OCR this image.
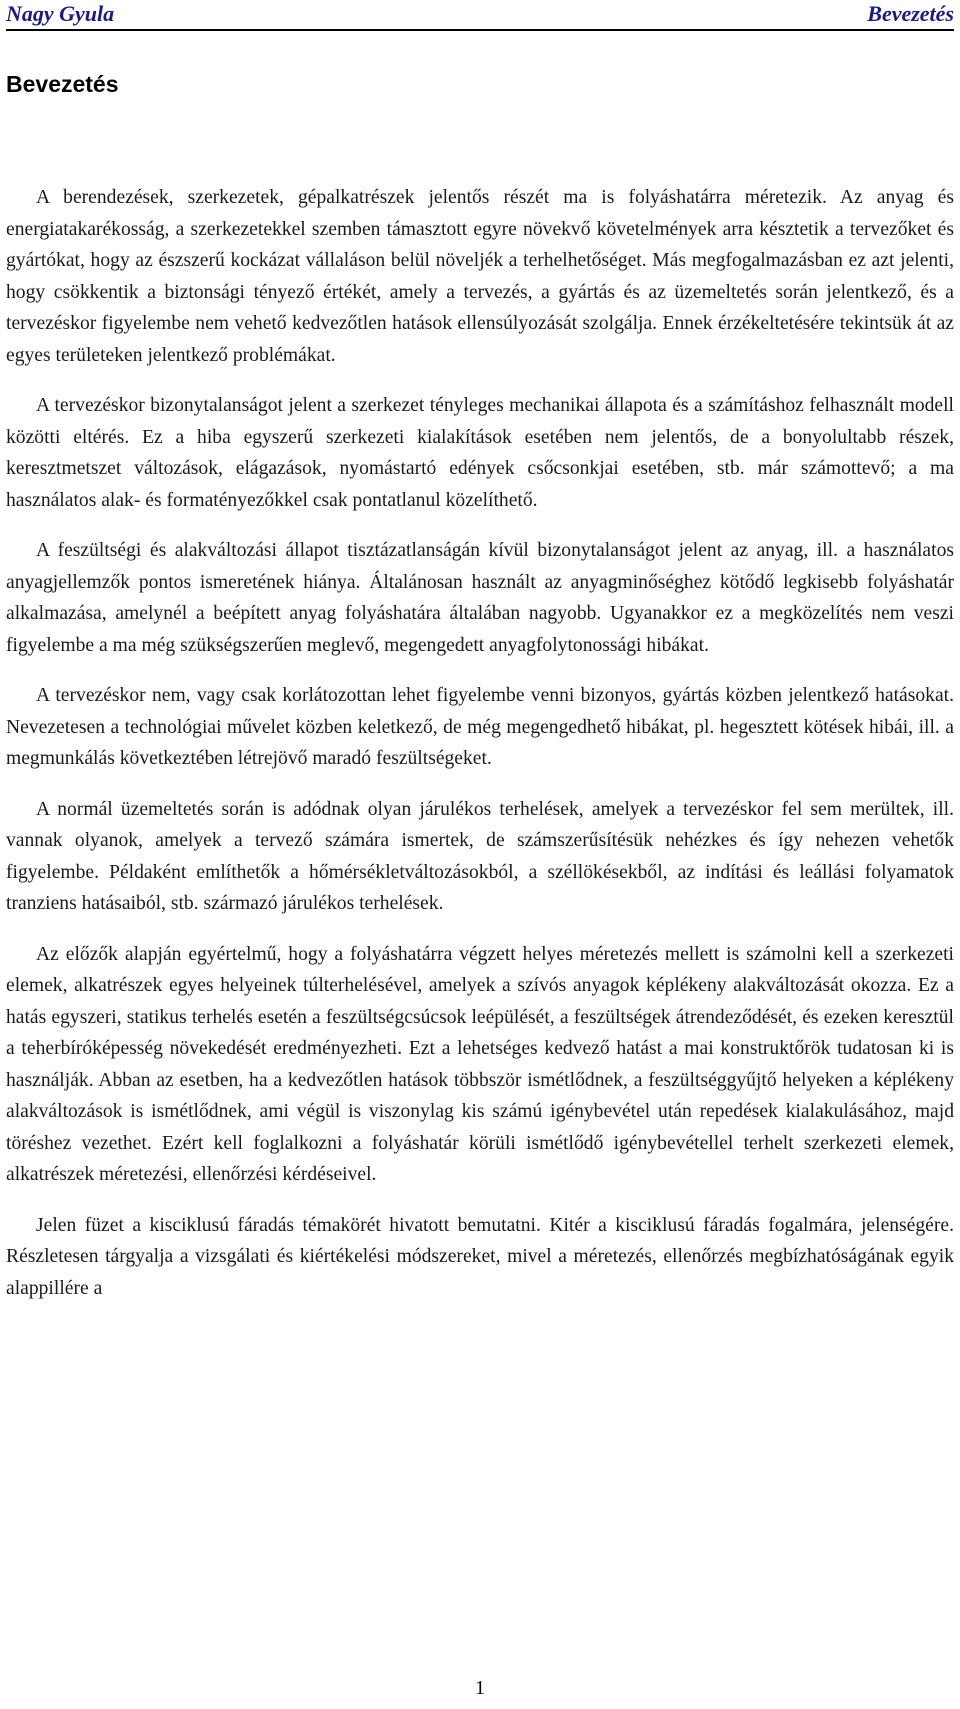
Nagy Gyula	Bevezetés
Bevezetés

A berendezések, szerkezetek, gépalkatrészek jelentős részét ma is folyáshatárra méretezik. Az anyag és energiatakarékosság, a szerkezetekkel szemben támasztott egyre növekvő követelmények arra késztetik a tervezőket és gyártókat, hogy az észszerű kockázat vállaláson belül növeljék a terhelhetőséget. Más megfogalmazásban ez azt jelenti, hogy csökkentik a biztonsági tényező értékét, amely a tervezés, a gyártás és az üzemeltetés során jelentkező, és a tervezéskor figyelembe nem vehető kedvezőtlen hatások ellensúlyozását szolgálja. Ennek érzékeltetésére tekintsük át az egyes területeken jelentkező problémákat.

A tervezéskor bizonytalanságot jelent a szerkezet tényleges mechanikai állapota és a számításhoz felhasznált modell közötti eltérés. Ez a hiba egyszerű szerkezeti kialakítások esetében nem jelentős, de a bonyolultabb részek, keresztmetszet változások, elágazások, nyomástartó edények csőcsonkjai esetében, stb. már számottevő; a ma használatos alak- és formatényezőkkel csak pontatlanul közelíthető.

A feszültségi és alakváltozási állapot tisztázatlanságán kívül bizonytalanságot jelent az anyag, ill. a használatos anyagjellemzők pontos ismeretének hiánya. Általánosan használt az anyagminőséghez kötődő legkisebb folyáshatár alkalmazása, amelynél a beépített anyag folyáshatára általában nagyobb. Ugyanakkor ez a megközelítés nem veszi figyelembe a ma még szükségszerűen meglevő, megengedett anyagfolytonossági hibákat.

A tervezéskor nem, vagy csak korlátozottan lehet figyelembe venni bizonyos, gyártás közben jelentkező hatásokat. Nevezetesen a technológiai művelet közben keletkező, de még megengedhető hibákat, pl. hegesztett kötések hibái, ill. a megmunkálás következtében létrejövő maradó feszültségeket.

A normál üzemeltetés során is adódnak olyan járulékos terhelések, amelyek a tervezéskor fel sem merültek, ill. vannak olyanok, amelyek a tervező számára ismertek, de számszerűsítésük nehézkes és így nehezen vehetők figyelembe. Példaként említhetők a hőmérsékletváltozásokból, a széllökésekből, az indítási és leállási folyamatok tranziens hatásaiból, stb. származó járulékos terhelések.

Az előzők alapján egyértelmű, hogy a folyáshatárra végzett helyes méretezés mellett is számolni kell a szerkezeti elemek, alkatrészek egyes helyeinek túlterhelésével, amelyek a szívós anyagok képlékeny alakváltozását okozza. Ez a hatás egyszeri, statikus terhelés esetén a feszültségcsúcsok leépülését, a feszültségek átrendeződését, és ezeken keresztül a teherbíróképesség növekedését eredményezheti. Ezt a lehetséges kedvező hatást a mai konstruktőrök tudatosan ki is használják. Abban az esetben, ha a kedvezőtlen hatások többször ismétlődnek, a feszültséggyűjtő helyeken a képlékeny alakváltozások is ismétlődnek, ami végül is viszonylag kis számú igénybevétel után repedések kialakulásához, majd töréshez vezethet. Ezért kell foglalkozni a folyáshatár körüli ismétlődő igénybevétellel terhelt szerkezeti elemek, alkatrészek méretezési, ellenőrzési kérdéseivel.

Jelen füzet a kisciklusú fáradás témakörét hivatott bemutatni. Kitér a kisciklusú fáradás fogalmára, jelenségére. Részletesen tárgyalja a vizsgálati és kiértékelési módszereket, mivel a méretezés, ellenőrzés megbízhatóságának egyik alappillére a

1
